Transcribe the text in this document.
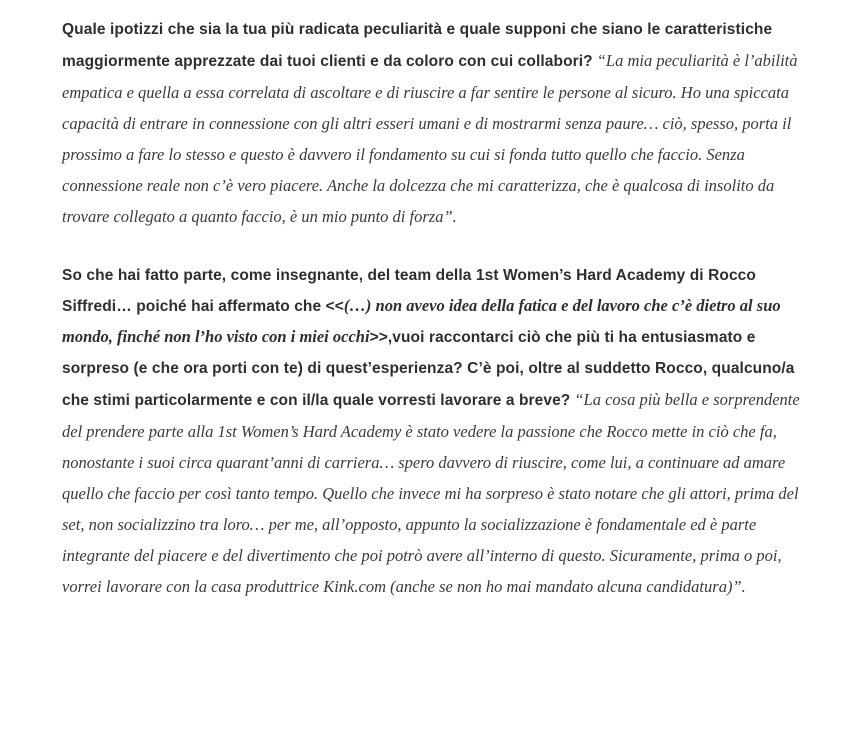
Quale ipotizzi che sia la tua più radicata peculiarità e quale supponi che siano le caratteristiche maggiormente apprezzate dai tuoi clienti e da coloro con cui collabori? “La mia peculiarità è l’abilità empatica e quella a essa correlata di ascoltare e di riuscire a far sentire le persone al sicuro. Ho una spiccata capacità di entrare in connessione con gli altri esseri umani e di mostrarmi senza paure… ciò, spesso, porta il prossimo a fare lo stesso e questo è davvero il fondamento su cui si fonda tutto quello che faccio. Senza connessione reale non c’è vero piacere. Anche la dolcezza che mi caratterizza, che è qualcosa di insolito da trovare collegato a quanto faccio, è un mio punto di forza”.

So che hai fatto parte, come insegnante, del team della 1st Women’s Hard Academy di Rocco Siffredi… poiché hai affermato che <<(…) non avevo idea della fatica e del lavoro che c’è dietro al suo mondo, finché non l’ho visto con i miei occhi>>,vuoi raccontarci ciò che più ti ha entusiasmato e sorpreso (e che ora porti con te) di quest’esperienza? C’è poi, oltre al suddetto Rocco, qualcuno/a che stimi particolarmente e con il/la quale vorresti lavorare a breve? “La cosa più bella e sorprendente del prendere parte alla 1st Women’s Hard Academy è stato vedere la passione che Rocco mette in ciò che fa, nonostante i suoi circa quarant’anni di carriera… spero davvero di riuscire, come lui, a continuare ad amare quello che faccio per così tanto tempo. Quello che invece mi ha sorpreso è stato notare che gli attori, prima del set, non socializzino tra loro… per me, all’opposto, appunto la socializzazione è fondamentale ed è parte integrante del piacere e del divertimento che poi potrò avere all’interno di questo. Sicuramente, prima o poi, vorrei lavorare con la casa produttrice Kink.com (anche se non ho mai mandato alcuna candidatura)”.
